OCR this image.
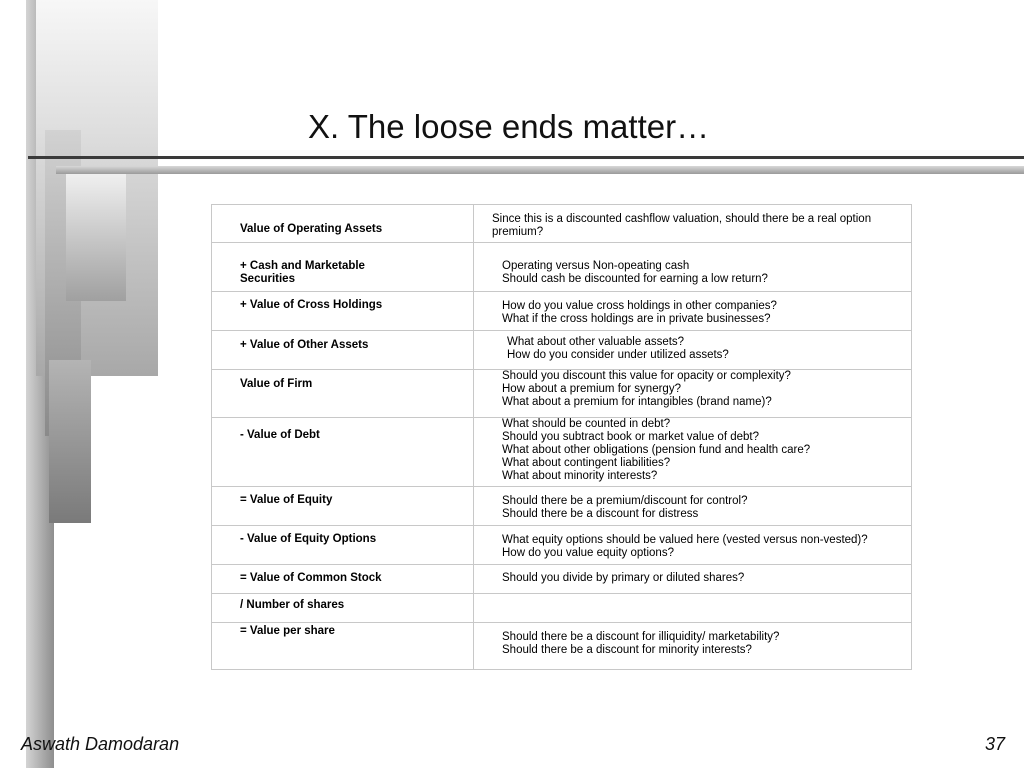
X. The loose ends matter…
Value of Operating Assets	Since this is a discounted cashflow valuation, should there be a real option
premium?

+ Cash and Marketable
Securities	Operating versus Non-opeating cash
Should cash be discounted for earning a low return?

+ Value of Cross Holdings	How do you value cross holdings in other companies?
What if the cross holdings are in private businesses?

+ Value of Other Assets	What about other valuable assets?
How do you consider under utilized assets?

Value of Firm	Should you discount this value for opacity or complexity?
How about a premium for synergy?
What about a premium for intangibles (brand name)?

- Value of Debt	What should be counted in debt?
Should you subtract book or market value of debt?
What about other obligations (pension fund and health care?
What about contingent liabilities?
What about minority interests?

= Value of Equity	Should there be a premium/discount for control?
Should there be a discount for distress

- Value of Equity Options	What equity options should be valued here (vested versus non-vested)?
How do you value equity options?

= Value of Common Stock	Should you divide by primary or diluted shares?

/ Number of shares	

= Value per share	Should there be a discount for illiquidity/ marketability?
Should there be a discount for minority interests?
Aswath Damodaran	37
